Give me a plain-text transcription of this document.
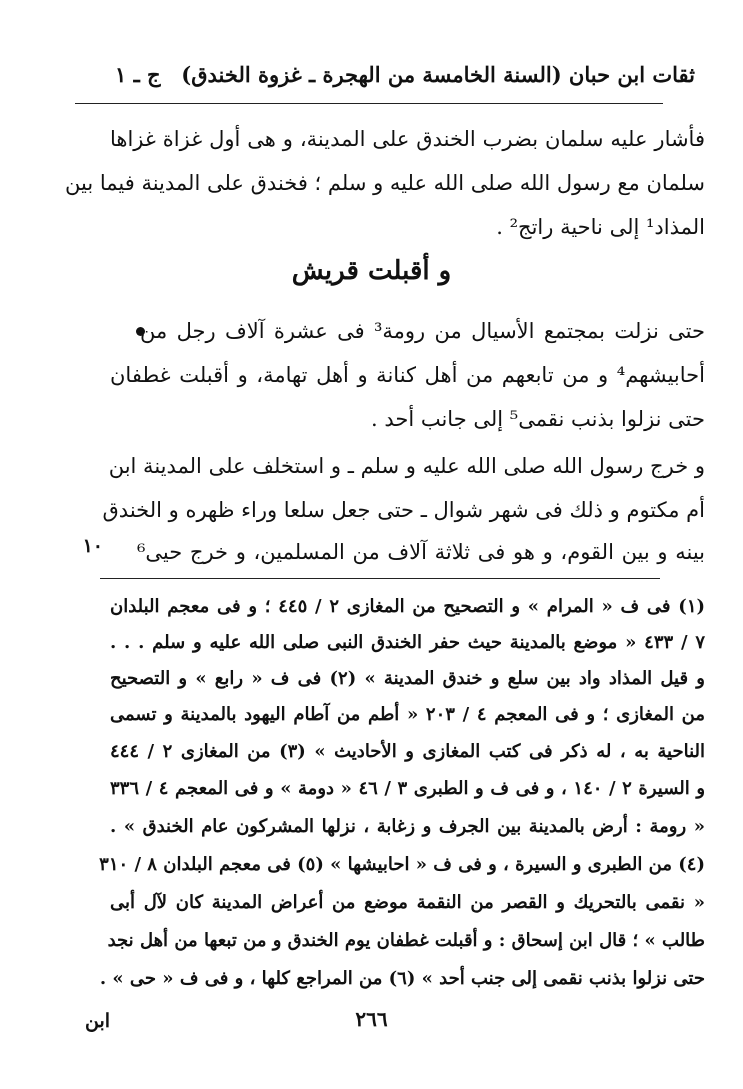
ثقات ابن حبان (السنة الخامسة من الهجرة ـ غزوة الخندق)
ج ـ ١
فأشار عليه سلمان بضرب الخندق على المدينة، و هى أول غزاة غزاها
سلمان مع رسول الله صلى الله عليه و سلم ؛ فخندق على المدينة فيما بين
المذاد¹ إلى ناحية راتج² .
و أقبلت قريش
حتى نزلت بمجتمع الأسيال من رومة³ فى عشرة آلاف رجل من
أحابيشهم⁴ و من تابعهم من أهل كنانة و أهل تهامة، و أقبلت غطفان
حتى نزلوا بذنب نقمى⁵ إلى جانب أحد .
و خرج رسول الله صلى الله عليه و سلم ـ و استخلف على المدينة ابن
أم مكتوم و ذلك فى شهر شوال ـ حتى جعل سلعا وراء ظهره و الخندق
١٠ بينه و بين القوم، و هو فى ثلاثة آلاف من المسلمين، و خرج حيى⁶
(١) فى ف « المرام » و التصحيح من المغازى ٢ / ٤٤٥ ؛ و فى معجم البلدان
٧ / ٤٣٣ « موضع بالمدينة حيث حفر الخندق النبى صلى الله عليه و سلم . . .
و قيل المذاد واد بين سلع و خندق المدينة » (٢) فى ف « رابع » و التصحيح
من المغازى ؛ و فى المعجم ٤ / ٢٠٣ « أطم من آطام اليهود بالمدينة و تسمى
الناحية به ، له ذكر فى كتب المغازى و الأحاديث » (٣) من المغازى ٢ / ٤٤٤
و السيرة ٢ / ١٤٠ ، و فى ف و الطبرى ٣ / ٤٦ « دومة » و فى المعجم ٤ / ٣٣٦
« رومة : أرض بالمدينة بين الجرف و زغابة ، نزلها المشركون عام الخندق » .
(٤) من الطبرى و السيرة ، و فى ف « احابيشها » (٥) فى معجم البلدان ٨ / ٣١٠
« نقمى بالتحريك و القصر من النقمة موضع من أعراض المدينة كان لآل أبى
طالب » ؛ قال ابن إسحاق : و أقبلت غطفان يوم الخندق و من تبعها من أهل نجد
حتى نزلوا بذنب نقمى إلى جنب أحد » (٦) من المراجع كلها ، و فى ف « حى » .
٢٦٦
ابن
